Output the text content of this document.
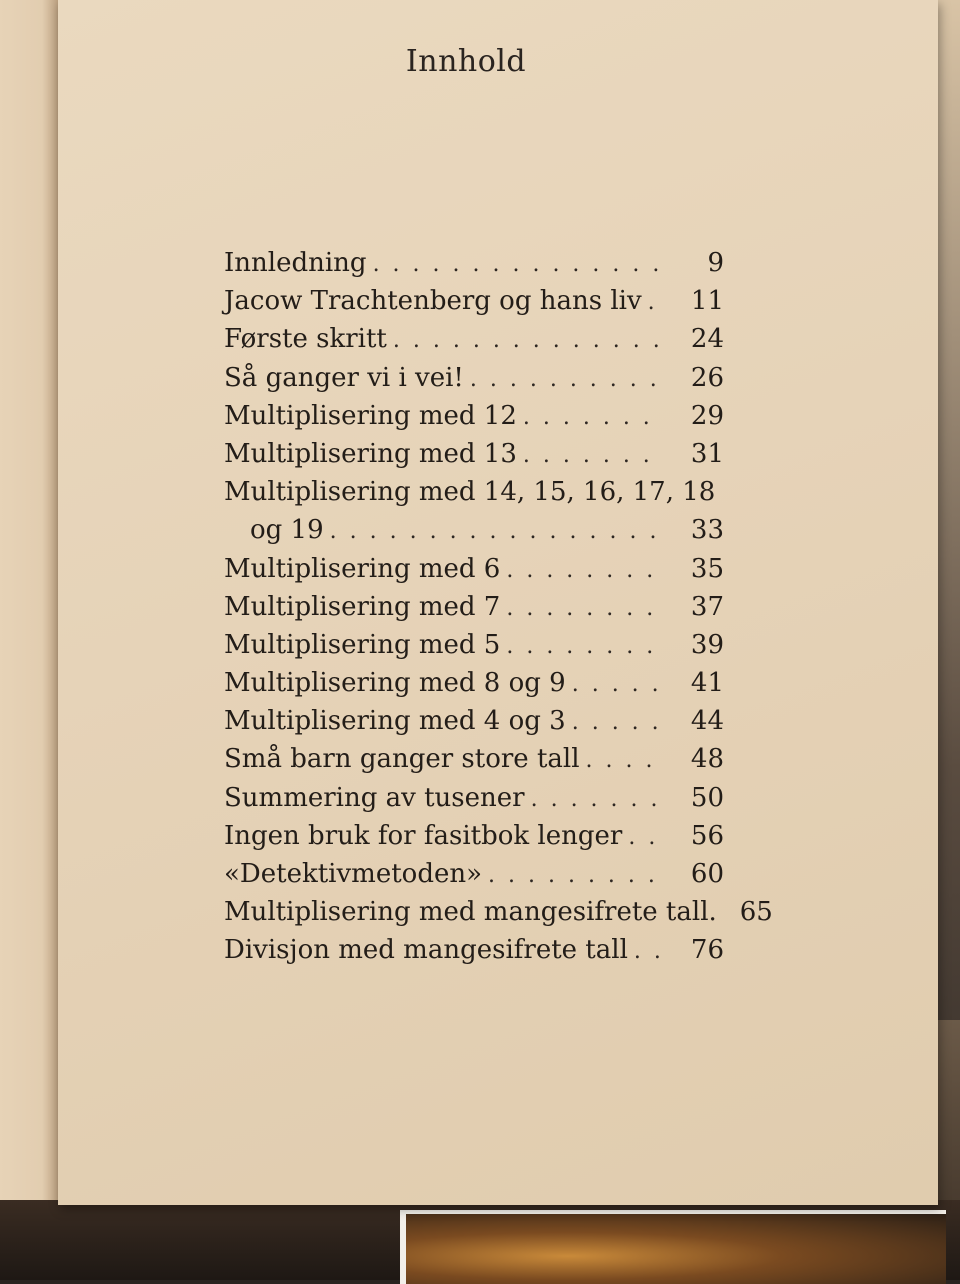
Innhold
Innledning . . .	9
Jacow Trachtenberg og hans liv . . .	11
Første skritt . . .	24
Så ganger vi i vei! . . .	26
Multiplisering med 12 . . .	29
Multiplisering med 13 . . .	31
Multiplisering med 14, 15, 16, 17, 18
og 19 . . .	33
Multiplisering med 6 . . .	35
Multiplisering med 7 . . .	37
Multiplisering med 5 . . .	39
Multiplisering med 8 og 9 . . .	41
Multiplisering med 4 og 3 . . .	44
Små barn ganger store tall . . .	48
Summering av tusener . . .	50
Ingen bruk for fasitbok lenger . . .	56
«Detektivmetoden» . . .	60
Multiplisering med mangesifrete tall. 65
Divisjon med mangesifrete tall . . .	76
